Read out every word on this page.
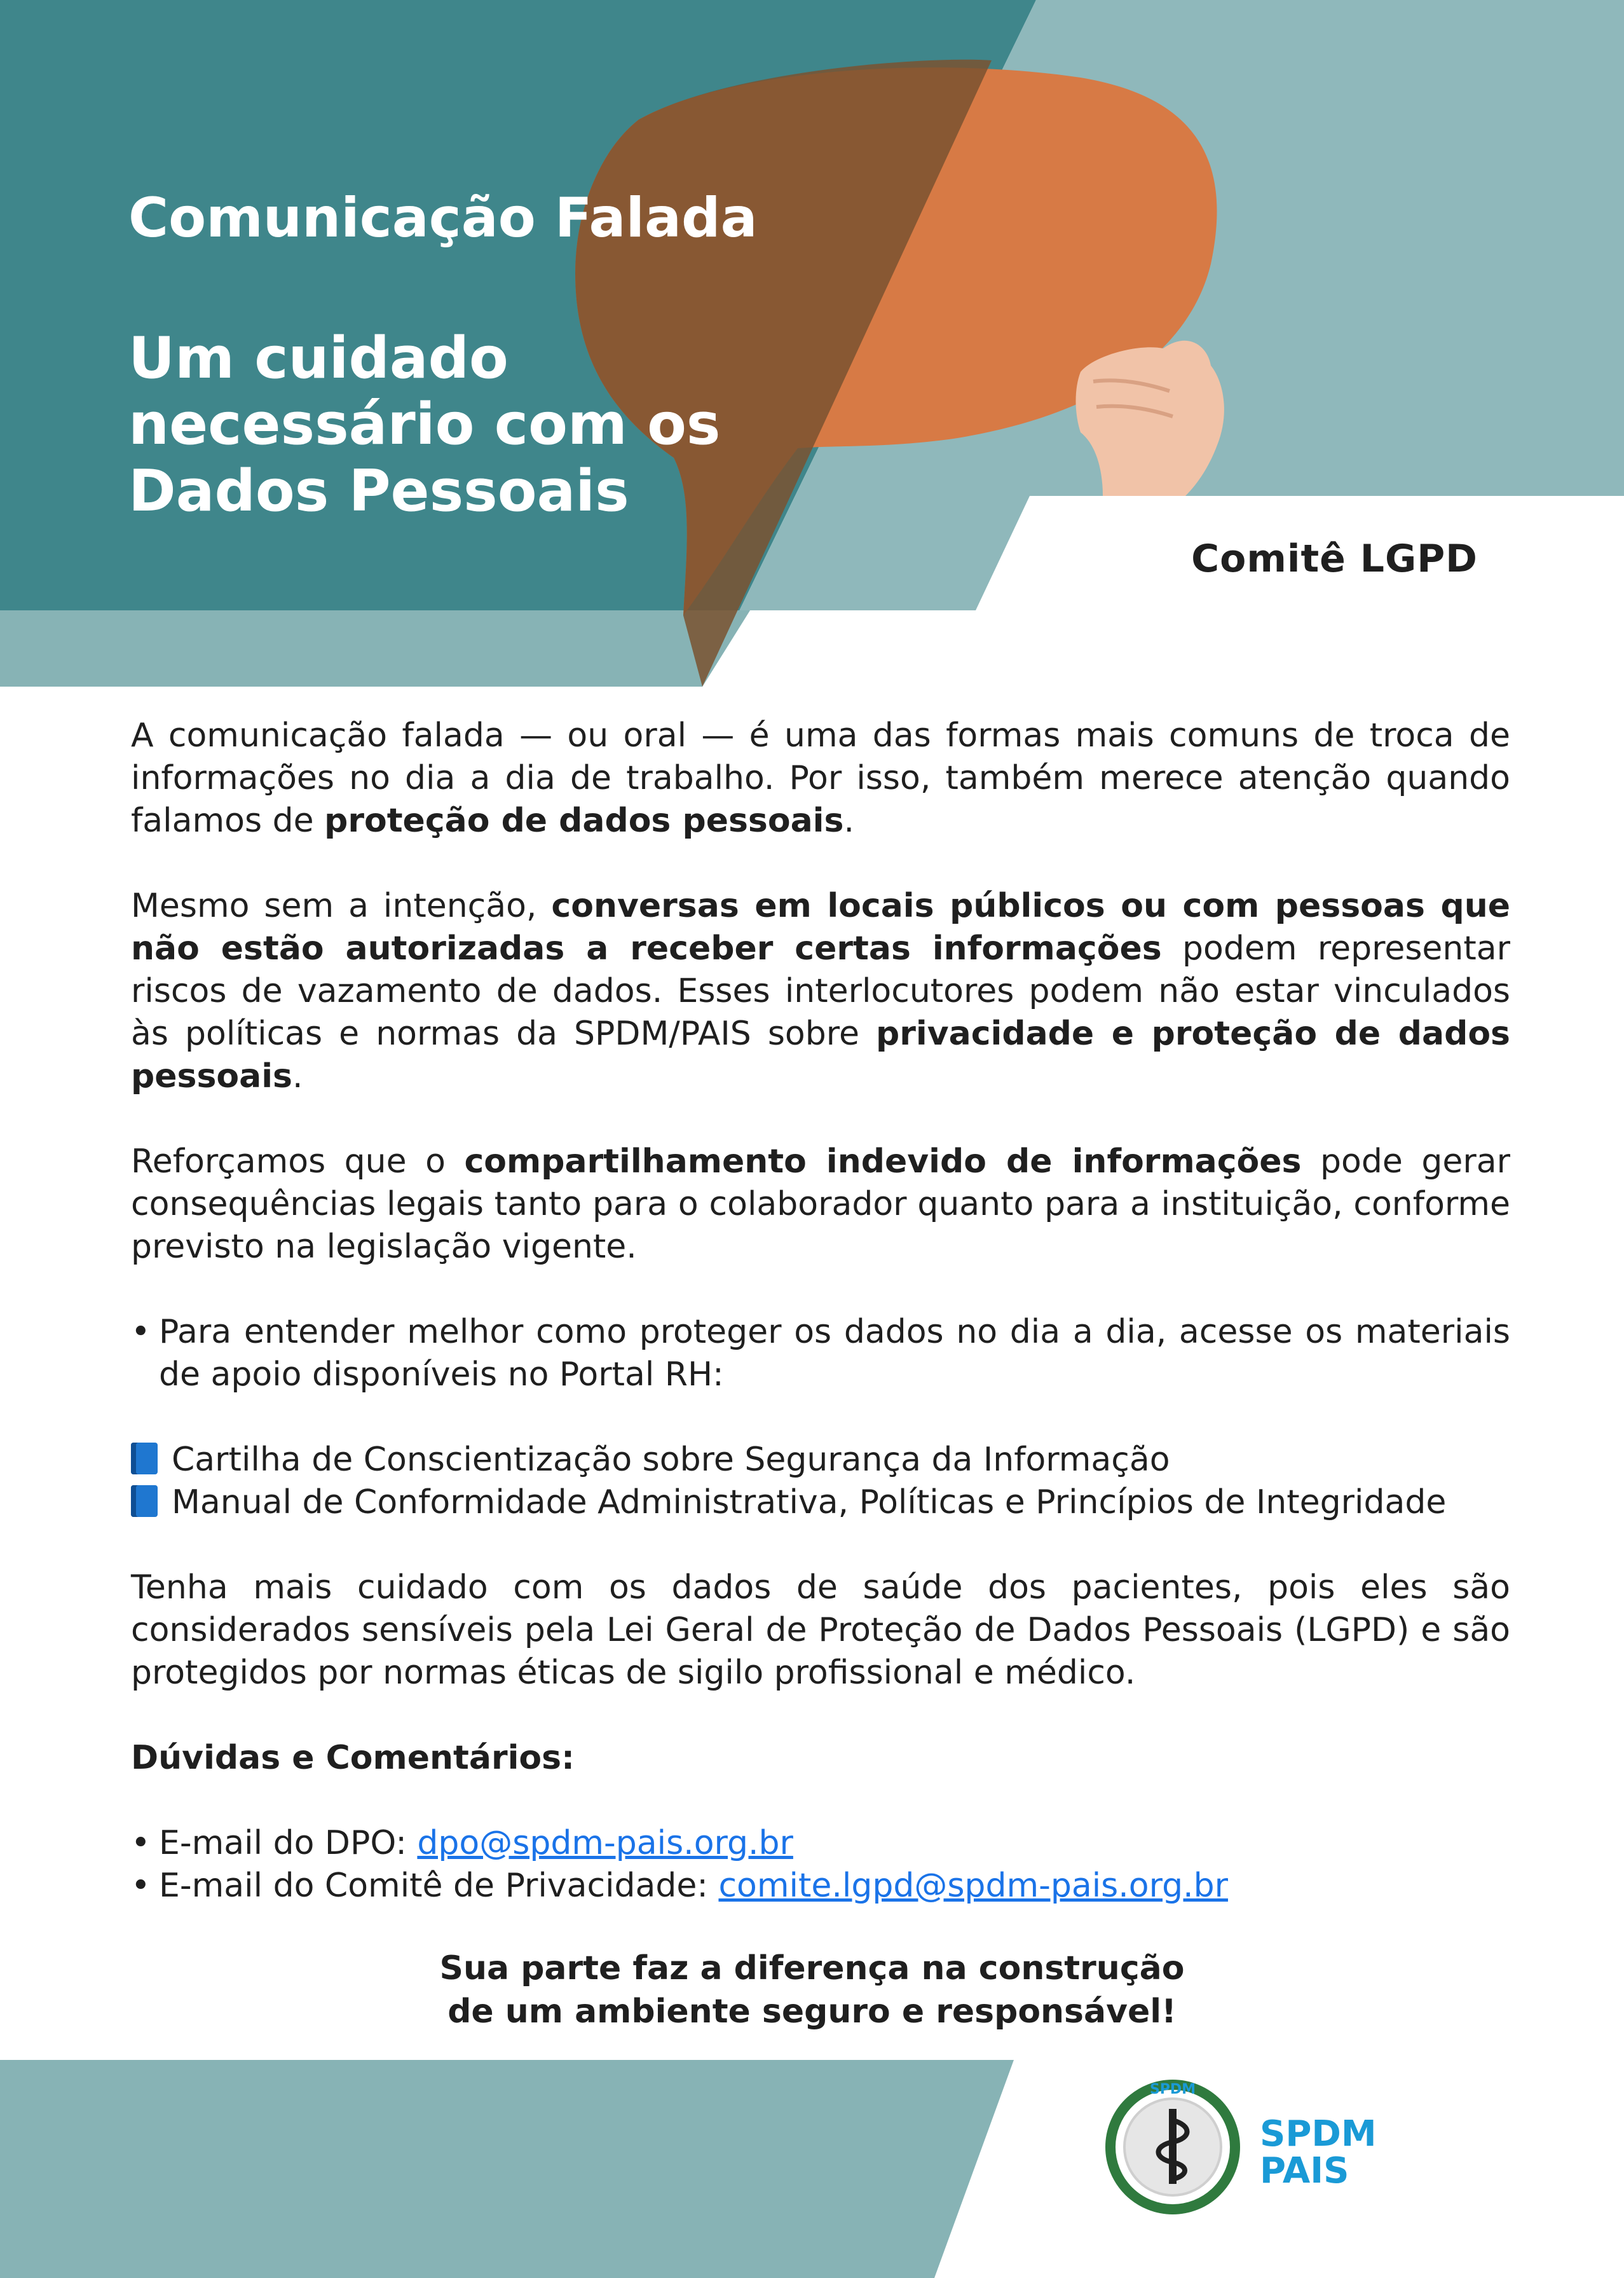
Comunicação Falada
Um cuidado necessário com os Dados Pessoais

Comitê LGPD

A comunicação falada — ou oral — é uma das formas mais comuns de troca de informações no dia a dia de trabalho. Por isso, também merece atenção quando falamos de proteção de dados pessoais.

Mesmo sem a intenção, conversas em locais públicos ou com pessoas que não estão autorizadas a receber certas informações podem representar riscos de vazamento de dados. Esses interlocutores podem não estar vinculados às políticas e normas da SPDM/PAIS sobre privacidade e proteção de dados pessoais.

Reforçamos que o compartilhamento indevido de informações pode gerar consequências legais tanto para o colaborador quanto para a instituição, conforme previsto na legislação vigente.

• Para entender melhor como proteger os dados no dia a dia, acesse os materiais de apoio disponíveis no Portal RH:
Cartilha de Conscientização sobre Segurança da Informação
Manual de Conformidade Administrativa, Políticas e Princípios de Integridade

Tenha mais cuidado com os dados de saúde dos pacientes, pois eles são considerados sensíveis pela Lei Geral de Proteção de Dados Pessoais (LGPD) e são protegidos por normas éticas de sigilo profissional e médico.

Dúvidas e Comentários:

• E-mail do DPO: dpo@spdm-pais.org.br
• E-mail do Comitê de Privacidade: comite.lgpd@spdm-pais.org.br

Sua parte faz a diferença na construção
de um ambiente seguro e responsável!

SPDM

SPDM
PAIS
